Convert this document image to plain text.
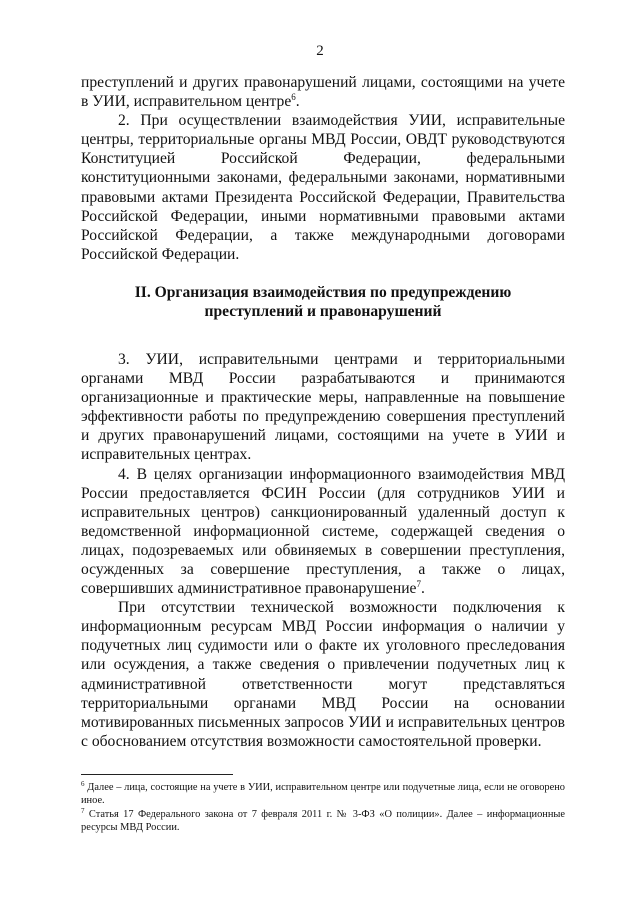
2

преступлений и других правонарушений лицами, состоящими на учете в УИИ, исправительном центре$^6$.

2. При осуществлении взаимодействия УИИ, исправительные центры, территориальные органы МВД России, ОВДТ руководствуются Конституцией Российской Федерации, федеральными конституционными законами, федеральными законами, нормативными правовыми актами Президента Российской Федерации, Правительства Российской Федерации, иными нормативными правовыми актами Российской Федерации, а также международными договорами Российской Федерации.

II. Организация взаимодействия по предупреждению

преступлений и правонарушений

3. УИИ, исправительными центрами и территориальными органами МВД России разрабатываются и принимаются организационные и практические меры, направленные на повышение эффективности работы по предупреждению совершения преступлений и других правонарушений лицами, состоящими на учете в УИИ и исправительных центрах.

4. В целях организации информационного взаимодействия МВД России предоставляется ФСИН России (для сотрудников УИИ и исправительных центров) санкционированный удаленный доступ к ведомственной информационной системе, содержащей сведения о лицах, подозреваемых или обвиняемых в совершении преступления, осужденных за совершение преступления, а также о лицах, совершивших административное правонарушение$^7$.

При отсутствии технической возможности подключения к информационным ресурсам МВД России информация о наличии у подучетных лиц судимости или о факте их уголовного преследования или осуждения, а также сведения о привлечении подучетных лиц к административной ответственности могут представляться территориальными органами МВД России на основании мотивированных письменных запросов УИИ и исправительных центров с обоснованием отсутствия возможности самостоятельной проверки.

$^6$ Далее – лица, состоящие на учете в УИИ, исправительном центре или подучетные лица, если не оговорено иное.

$^7$ Статья 17 Федерального закона от 7 февраля 2011 г. № 3-ФЗ «О полиции». Далее – информационные ресурсы МВД России.
